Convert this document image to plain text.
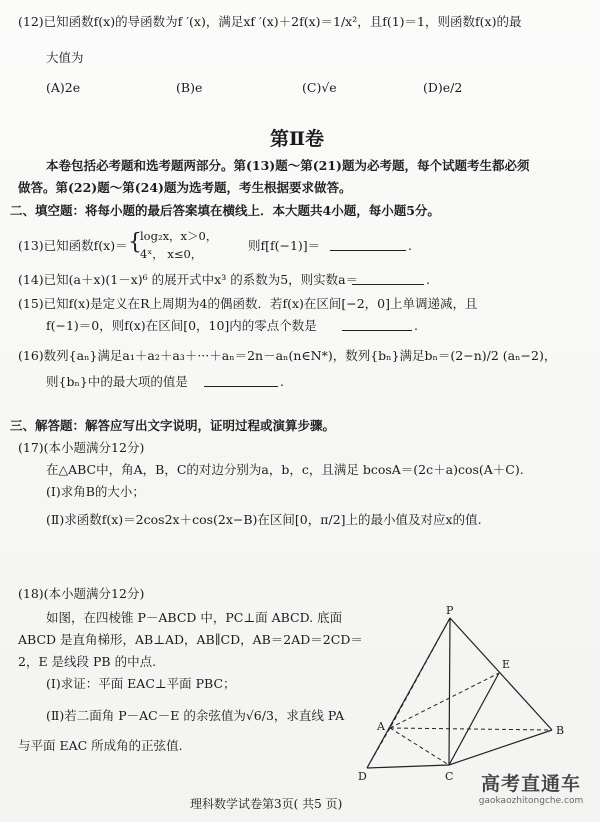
(12)已知函数f(x)的导函数为f ′(x)，满足xf ′(x)＋2f(x)＝1/x²，且f(1)＝1，则函数f(x)的最
大值为
(A)2e	(B)e	(C)√e	(D)e/2
第Ⅱ卷
本卷包括必考题和选考题两部分。第(13)题～第(21)题为必考题，每个试题考生都必须
做答。第(22)题～第(24)题为选考题，考生根据要求做答。
二、填空题：将每小题的最后答案填在横线上．本大题共4小题，每小题5分。
(13)已知函数f(x)＝ {
log₂x，x＞0，
4ˣ， x≤0，
则f[f(−1)]＝	.
(14)已知(a＋x)(1－x)⁶ 的展开式中x³ 的系数为5，则实数a＝	.
(15)已知f(x)是定义在R上周期为4的偶函数．若f(x)在区间[−2，0]上单调递减，且
f(−1)＝0，则f(x)在区间[0，10]内的零点个数是	.
(16)数列{aₙ}满足a₁＋a₂＋a₃＋···＋aₙ＝2n－aₙ(n∈N*)，数列{bₙ}满足bₙ＝(2−n)/2 (aₙ−2)，
则{bₙ}中的最大项的值是	.
三、解答题：解答应写出文字说明，证明过程或演算步骤。
(17)(本小题满分12分)
在△ABC中，角A，B，C的对边分别为a，b，c，且满足 bcosA＝(2c＋a)cos(A＋C).
(Ⅰ)求角B的大小；
(Ⅱ)求函数f(x)＝2cos2x＋cos(2x−B)在区间[0，π/2]上的最小值及对应x的值.
(18)(本小题满分12分)
如图，在四棱锥 P－ABCD 中，PC⊥面 ABCD. 底面
ABCD 是直角梯形，AB⊥AD，AB∥CD，AB＝2AD＝2CD＝
2，E 是线段 PB 的中点.
(Ⅰ)求证：平面 EAC⊥平面 PBC；
(Ⅱ)若二面角 P－AC－E 的余弦值为√6/3，求直线 PA
与平面 EAC 所成角的正弦值.
P
E
A	B
C
D
理科数学试卷第3页( 共5 页)
高考直通车
gaokaozhitongche.com
